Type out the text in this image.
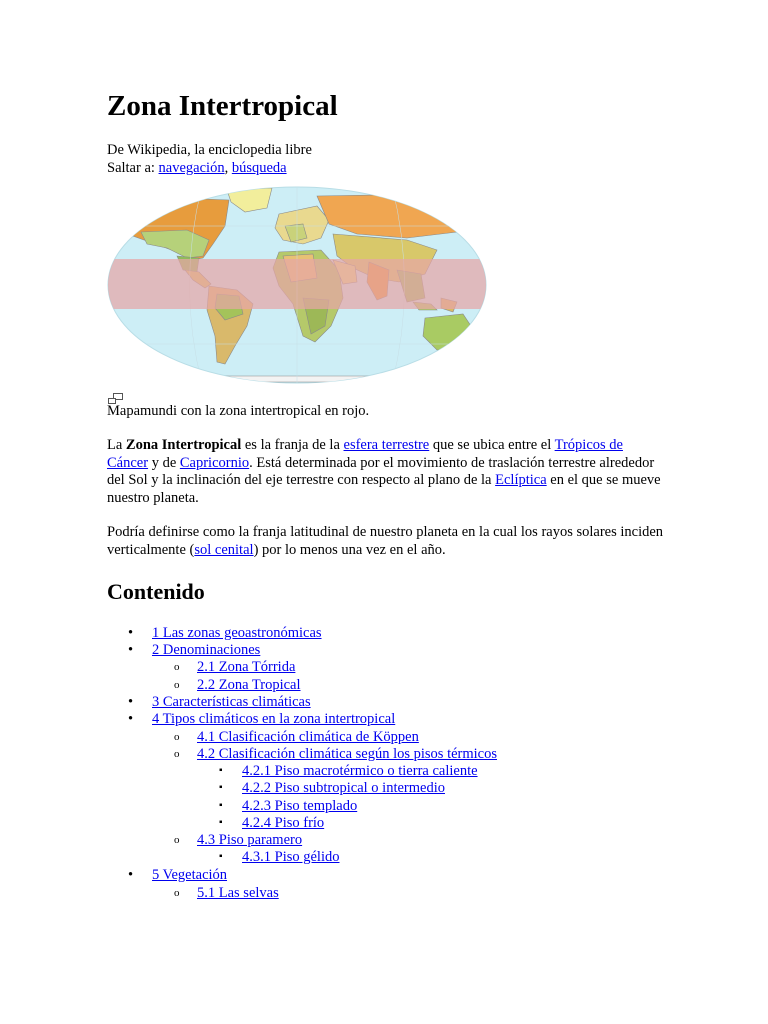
Zona Intertropical
De Wikipedia, la enciclopedia libre
Saltar a: navegación, búsqueda
Mapamundi con la zona intertropical en rojo.

La Zona Intertropical es la franja de la esfera terrestre que se ubica entre el Trópicos de Cáncer y de Capricornio. Está determinada por el movimiento de traslación terrestre alrededor del Sol y la inclinación del eje terrestre con respecto al plano de la Eclíptica en el que se mueve nuestro planeta.

Podría definirse como la franja latitudinal de nuestro planeta en la cual los rayos solares inciden verticalmente (sol cenital) por lo menos una vez en el año.

Contenido
• 1 Las zonas geoastronómicas
• 2 Denominaciones
o 2.1 Zona Tórrida
o 2.2 Zona Tropical
• 3 Características climáticas
• 4 Tipos climáticos en la zona intertropical
o 4.1 Clasificación climática de Köppen
o 4.2 Clasificación climática según los pisos térmicos
▪ 4.2.1 Piso macrotérmico o tierra caliente
▪ 4.2.2 Piso subtropical o intermedio
▪ 4.2.3 Piso templado
▪ 4.2.4 Piso frío
o 4.3 Piso paramero
▪ 4.3.1 Piso gélido
• 5 Vegetación
o 5.1 Las selvas
